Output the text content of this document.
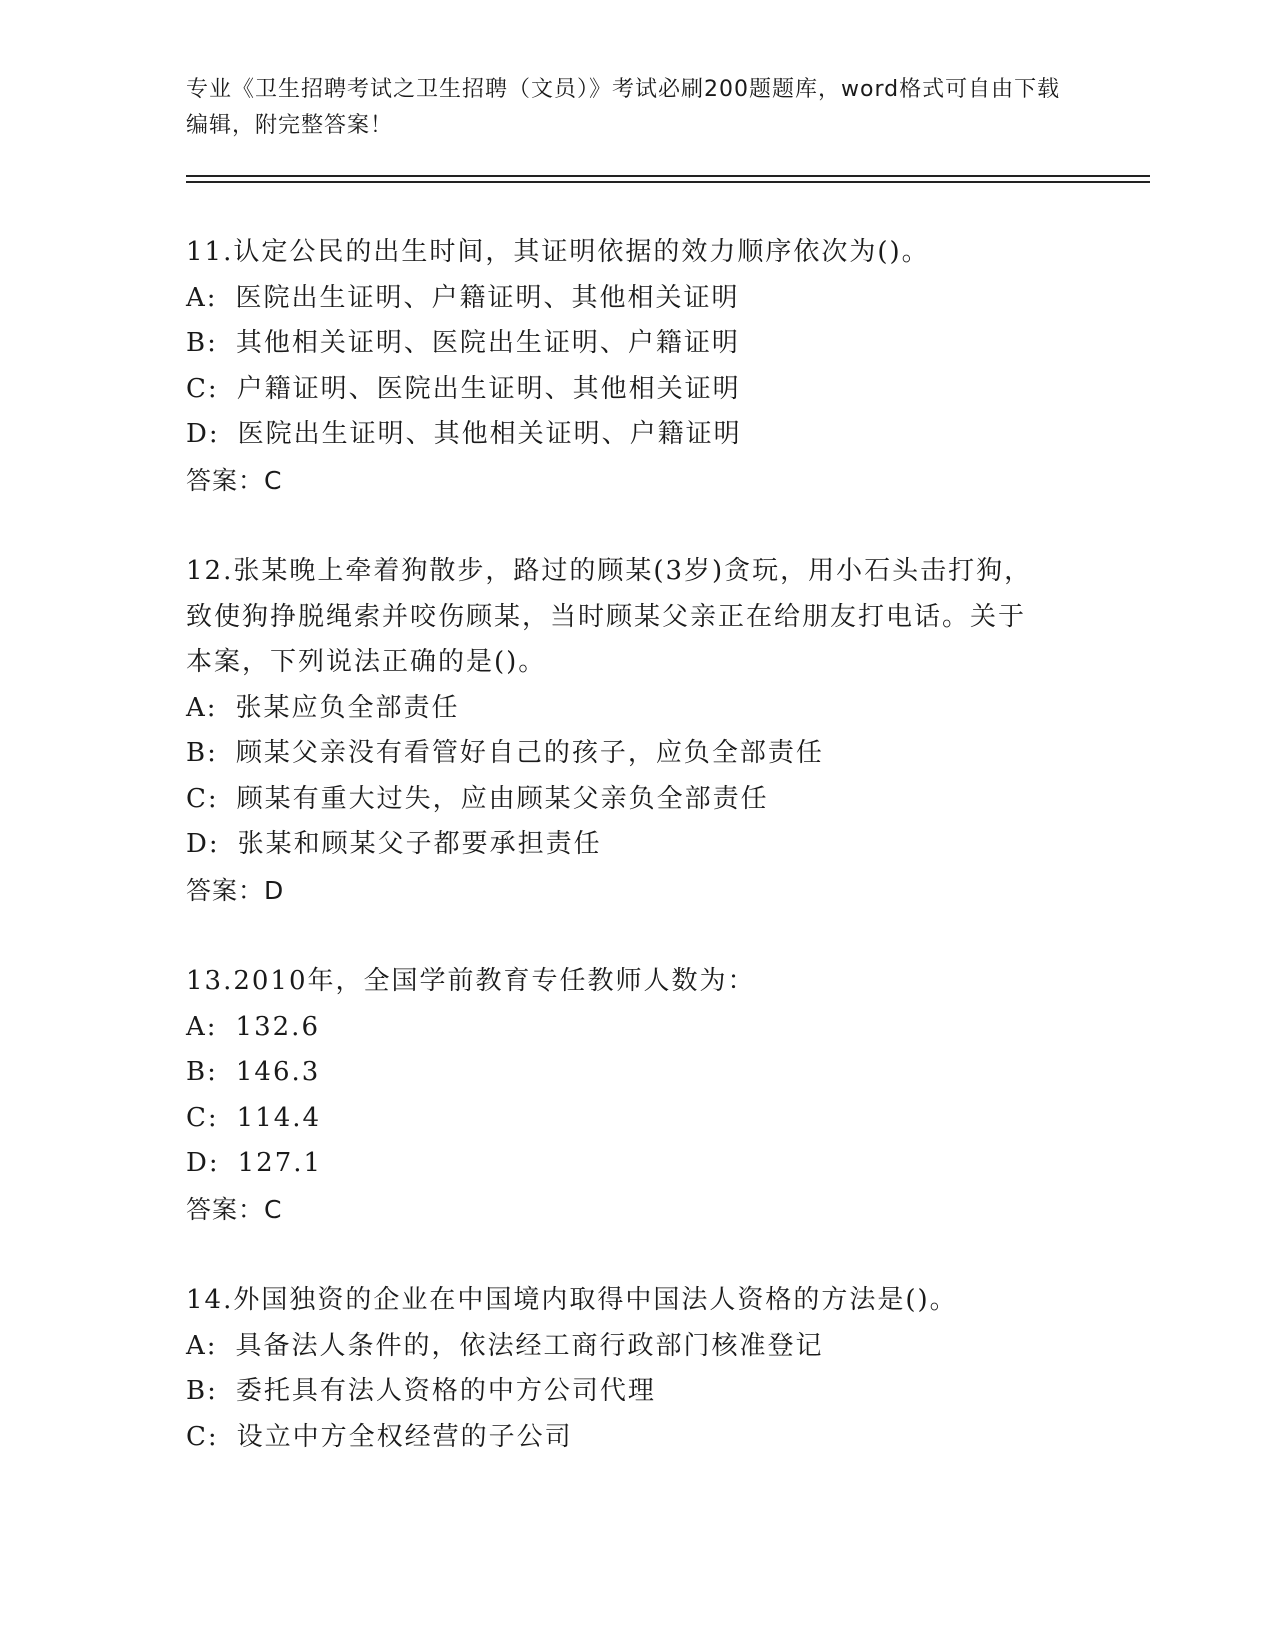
专业《卫生招聘考试之卫生招聘（文员）》考试必刷200题题库，word格式可自由下载编辑，附完整答案！
11.认定公民的出生时间，其证明依据的效力顺序依次为()。
A: 医院出生证明、户籍证明、其他相关证明
B: 其他相关证明、医院出生证明、户籍证明
C: 户籍证明、医院出生证明、其他相关证明
D: 医院出生证明、其他相关证明、户籍证明
答案：C
12.张某晚上牵着狗散步，路过的顾某(3岁)贪玩，用小石头击打狗，
致使狗挣脱绳索并咬伤顾某，当时顾某父亲正在给朋友打电话。关于
本案，下列说法正确的是()。
A: 张某应负全部责任
B: 顾某父亲没有看管好自己的孩子，应负全部责任
C: 顾某有重大过失，应由顾某父亲负全部责任
D: 张某和顾某父子都要承担责任
答案：D
13.2010年，全国学前教育专任教师人数为：
A: 132.6
B: 146.3
C: 114.4
D: 127.1
答案：C
14.外国独资的企业在中国境内取得中国法人资格的方法是()。
A: 具备法人条件的，依法经工商行政部门核准登记
B: 委托具有法人资格的中方公司代理
C: 设立中方全权经营的子公司
